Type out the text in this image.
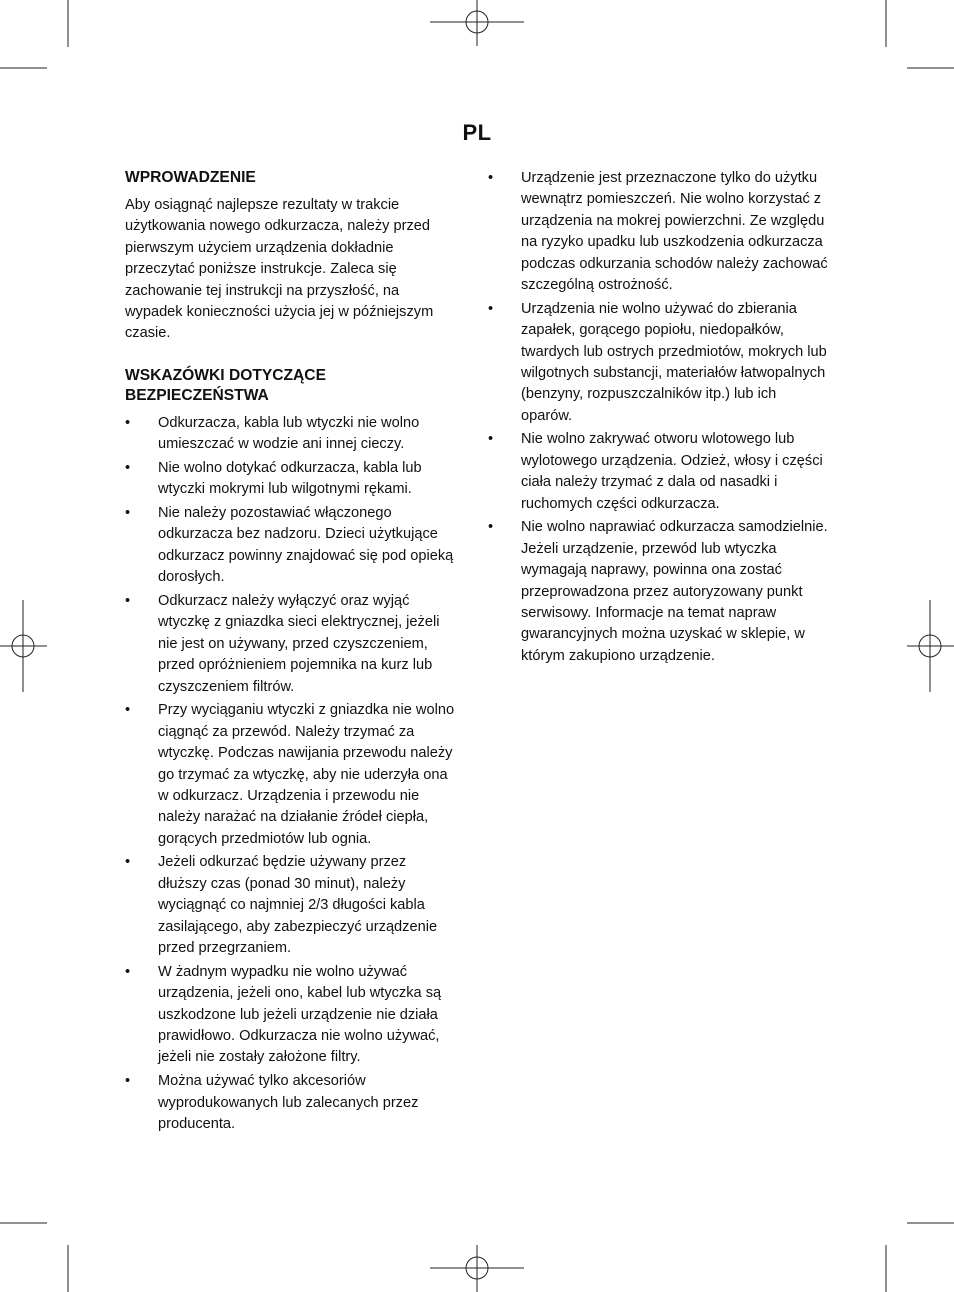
PL
WPROWADZENIE

Aby osiągnąć najlepsze rezultaty w trakcie użytkowania nowego odkurzacza, należy przed pierwszym użyciem urządzenia dokładnie przeczytać poniższe instrukcje. Zaleca się zachowanie tej instrukcji na przyszłość, na wypadek konieczności użycia jej w późniejszym czasie.

WSKAZÓWKI DOTYCZĄCE BEZPIECZEŃSTWA
• Odkurzacza, kabla lub wtyczki nie wolno umieszczać w wodzie ani innej cieczy.
• Nie wolno dotykać odkurzacza, kabla lub wtyczki mokrymi lub wilgotnymi rękami.
• Nie należy pozostawiać włączonego odkurzacza bez nadzoru. Dzieci użytkujące odkurzacz powinny znajdować się pod opieką dorosłych.
• Odkurzacz należy wyłączyć oraz wyjąć wtyczkę z gniazdka sieci elektrycznej, jeżeli nie jest on używany, przed czyszczeniem, przed opróżnieniem pojemnika na kurz lub czyszczeniem filtrów.
• Przy wyciąganiu wtyczki z gniazdka nie wolno ciągnąć za przewód. Należy trzymać za wtyczkę. Podczas nawijania przewodu należy go trzymać za wtyczkę, aby nie uderzyła ona w odkurzacz. Urządzenia i przewodu nie należy narażać na działanie źródeł ciepła, gorących przedmiotów lub ognia.
• Jeżeli odkurzać będzie używany przez dłuższy czas (ponad 30 minut), należy wyciągnąć co najmniej 2/3 długości kabla zasilającego, aby zabezpieczyć urządzenie przed przegrzaniem.
• W żadnym wypadku nie wolno używać urządzenia, jeżeli ono, kabel lub wtyczka są uszkodzone lub jeżeli urządzenie nie działa prawidłowo. Odkurzacza nie wolno używać, jeżeli nie zostały założone filtry.
• Można używać tylko akcesoriów wyprodukowanych lub zalecanych przez producenta.
• Urządzenie jest przeznaczone tylko do użytku wewnątrz pomieszczeń. Nie wolno korzystać z urządzenia na mokrej powierzchni. Ze względu na ryzyko upadku lub uszkodzenia odkurzacza podczas odkurzania schodów należy zachować szczególną ostrożność.
• Urządzenia nie wolno używać do zbierania zapałek, gorącego popiołu, niedopałków, twardych lub ostrych przedmiotów, mokrych lub wilgotnych substancji, materiałów łatwopalnych (benzyny, rozpuszczalników itp.) lub ich oparów.
• Nie wolno zakrywać otworu wlotowego lub wylotowego urządzenia. Odzież, włosy i części ciała należy trzymać z dala od nasadki i ruchomych części odkurzacza.
• Nie wolno naprawiać odkurzacza samodzielnie. Jeżeli urządzenie, przewód lub wtyczka wymagają naprawy, powinna ona zostać przeprowadzona przez autoryzowany punkt serwisowy. Informacje na temat napraw gwarancyjnych można uzyskać w sklepie, w którym zakupiono urządzenie.
